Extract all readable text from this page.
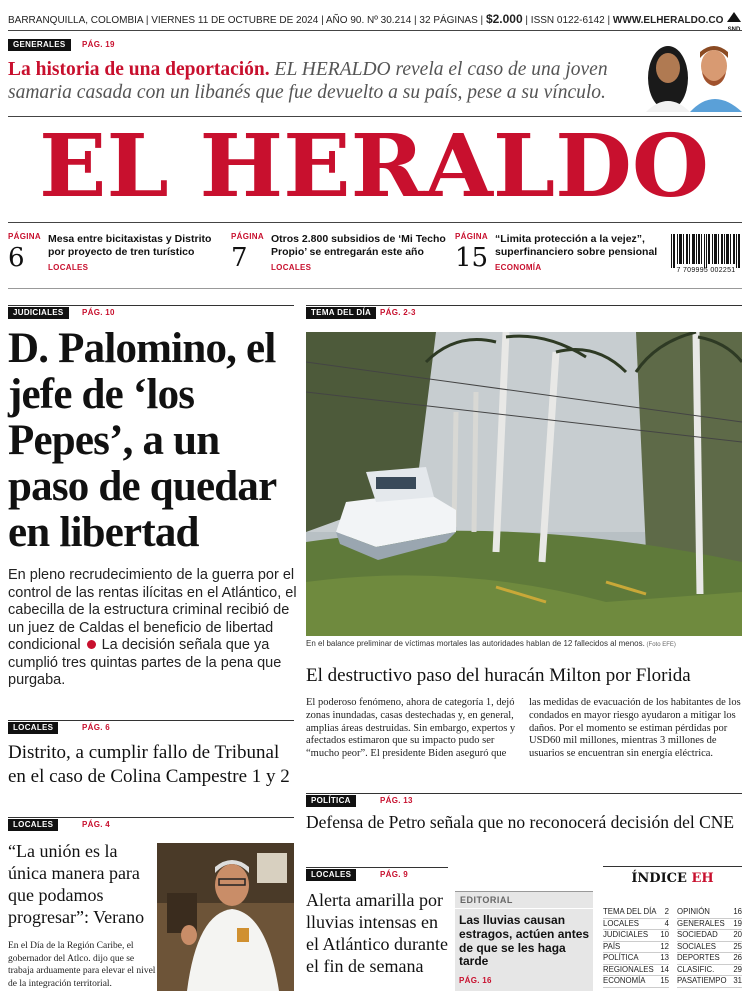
BARRANQUILLA, COLOMBIA | VIERNES 11 DE OCTUBRE DE 2024 | AÑO 90. Nº 30.214 | 32 PÁGINAS | $2.000 | ISSN 0122-6142 | WWW.ELHERALDO.CO
GENERALES	PÁG. 19
La historia de una deportación. EL HERALDO revela el caso de una joven samaria casada con un libanés que fue devuelto a su país, pese a su vínculo.
EL HERALDO
PÁGINA
6
Mesa entre bicitaxistas y Distrito por proyecto de tren turístico
LOCALES
PÁGINA
7
Otros 2.800 subsidios de ‘Mi Techo Propio’ se entregarán este año
LOCALES
PÁGINA
15
“Limita protección a la vejez”, superfinanciero sobre pensional
ECONOMÍA	7 709995 002251
JUDICIALES	PÁG. 10
D. Palomino, el jefe de ‘los Pepes’, a un paso de quedar en libertad
En pleno recrudecimiento de la guerra por el control de las rentas ilícitas en el Atlántico, el cabecilla de la estructura criminal recibió de un juez de Caldas el beneficio de libertad condicional  La decisión señala que ya cumplió tres quintas partes de la pena que purgaba.
TEMA DEL DÍA	PÁG. 2-3
En el balance preliminar de víctimas mortales las autoridades hablan de 12 fallecidos al menos. (Foto EFE)
El destructivo paso del huracán Milton por Florida
El poderoso fenómeno, ahora de categoría 1, dejó zonas inundadas, casas destechadas y, en general, amplias áreas destruidas. Sin embargo, expertos y afectados estimaron que su impacto pudo ser “mucho peor”. El presidente Biden aseguró que
las medidas de evacuación de los habitantes de los condados en mayor riesgo ayudaron a mitigar los daños. Por el momento se estiman pérdidas por USD60 mil millones, mientras 3 millones de usuarios se encuentran sin energía eléctrica.
LOCALES	PÁG. 6
Distrito, a cumplir fallo de Tribunal en el caso de Colina Campestre 1 y 2
POLÍTICA	PÁG. 13
Defensa de Petro señala que no reconocerá decisión del CNE
LOCALES	PÁG. 4
“La unión es la única manera para que podamos progresar”: Verano
En el Día de la Región Caribe, el gobernador del Atlco. dijo que se trabaja arduamente para elevar el nivel de la integración territorial.
LOCALES	PÁG. 9
Alerta amarilla por lluvias intensas en el Atlántico durante el fin de semana
EDITORIAL
Las lluvias causan estragos, actúen antes de que se les haga tarde
PÁG. 16
ÍNDICE EH
TEMA DEL DÍA 2
LOCALES	4
JUDICIALES 10
PAÍS	12
POLÍTICA	13
REGIONALES 14
ECONOMÍA 15
OPINIÓN	16
GENERALES 19
SOCIEDAD 20
SOCIALES 25
DEPORTES 26
CLASIFIC. 29
PASATIEMPO 31
